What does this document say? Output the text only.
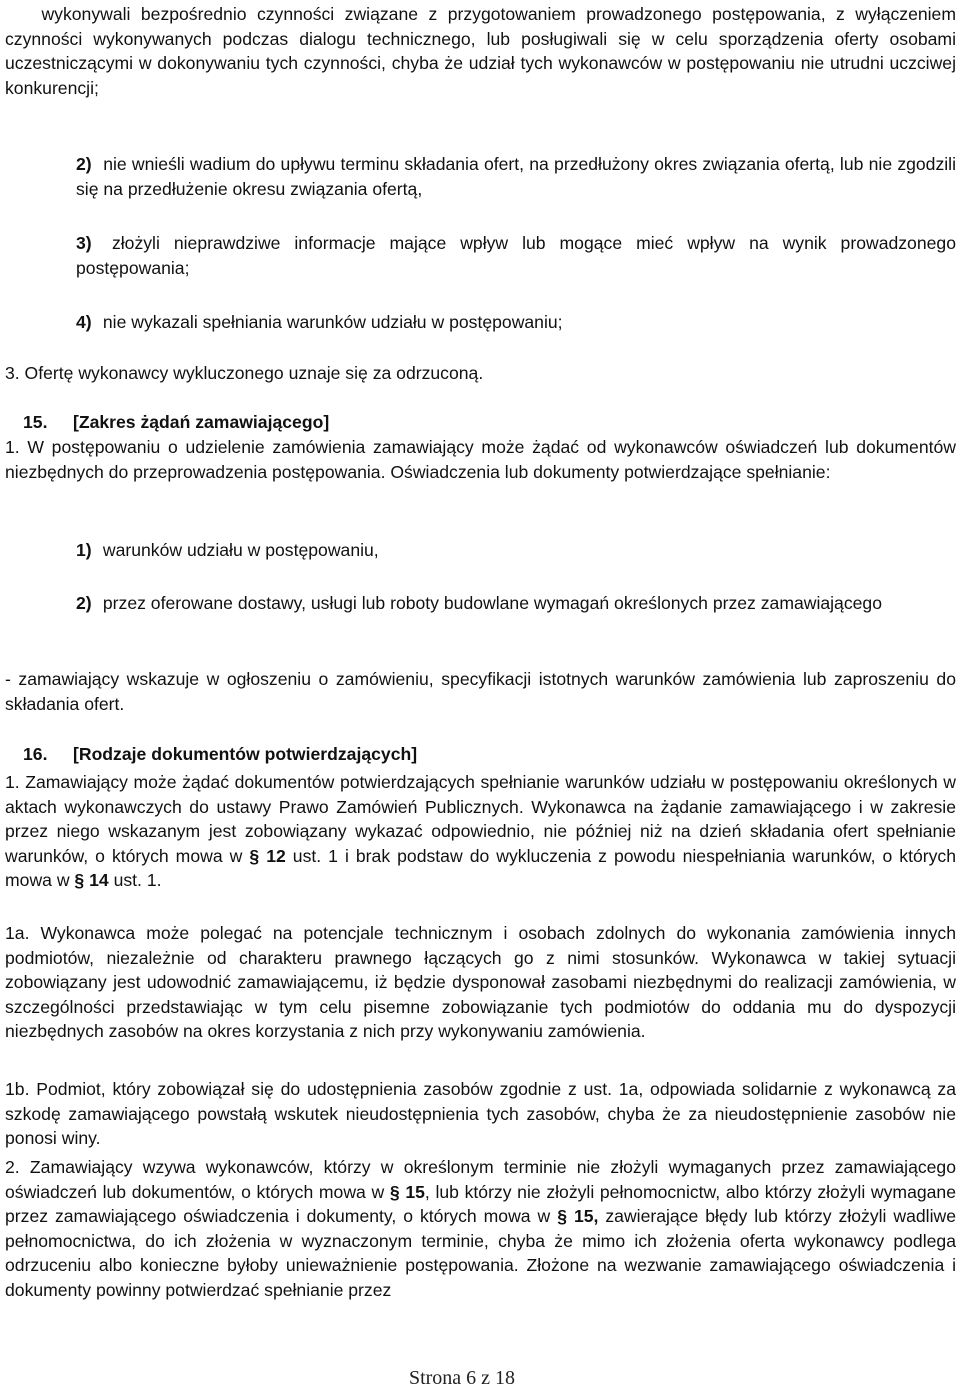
wykonywali bezpośrednio czynności związane z przygotowaniem prowadzonego postępowania, z wyłączeniem czynności wykonywanych podczas dialogu technicznego, lub posługiwali się w celu sporządzenia oferty osobami uczestniczącymi w dokonywaniu tych czynności, chyba że udział tych wykonawców w postępowaniu nie utrudni uczciwej konkurencji;

2) nie wnieśli wadium do upływu terminu składania ofert, na przedłużony okres związania ofertą, lub nie zgodzili się na przedłużenie okresu związania ofertą,

3) złożyli nieprawdziwe informacje mające wpływ lub mogące mieć wpływ na wynik prowadzonego postępowania;

4) nie wykazali spełniania warunków udziału w postępowaniu;

3. Ofertę wykonawcy wykluczonego uznaje się za odrzuconą.

15. [Zakres żądań zamawiającego]

1. W postępowaniu o udzielenie zamówienia zamawiający może żądać od wykonawców oświadczeń lub dokumentów niezbędnych do przeprowadzenia postępowania. Oświadczenia lub dokumenty potwierdzające spełnianie:

1) warunków udziału w postępowaniu,

2) przez oferowane dostawy, usługi lub roboty budowlane wymagań określonych przez zamawiającego

- zamawiający wskazuje w ogłoszeniu o zamówieniu, specyfikacji istotnych warunków zamówienia lub zaproszeniu do składania ofert.

16. [Rodzaje dokumentów potwierdzających]

1. Zamawiający może żądać dokumentów potwierdzających spełnianie warunków udziału w postępowaniu określonych w aktach wykonawczych do ustawy Prawo Zamówień Publicznych. Wykonawca na żądanie zamawiającego i w zakresie przez niego wskazanym jest zobowiązany wykazać odpowiednio, nie później niż na dzień składania ofert spełnianie warunków, o których mowa w § 12 ust. 1 i brak podstaw do wykluczenia z powodu niespełniania warunków, o których mowa w § 14 ust. 1.

1a. Wykonawca może polegać na potencjale technicznym i osobach zdolnych do wykonania zamówienia innych podmiotów, niezależnie od charakteru prawnego łączących go z nimi stosunków. Wykonawca w takiej sytuacji zobowiązany jest udowodnić zamawiającemu, iż będzie dysponował zasobami niezbędnymi do realizacji zamówienia, w szczególności przedstawiając w tym celu pisemne zobowiązanie tych podmiotów do oddania mu do dyspozycji niezbędnych zasobów na okres korzystania z nich przy wykonywaniu zamówienia.

1b. Podmiot, który zobowiązał się do udostępnienia zasobów zgodnie z ust. 1a, odpowiada solidarnie z wykonawcą za szkodę zamawiającego powstałą wskutek nieudostępnienia tych zasobów, chyba że za nieudostępnienie zasobów nie ponosi winy.

2. Zamawiający wzywa wykonawców, którzy w określonym terminie nie złożyli wymaganych przez zamawiającego oświadczeń lub dokumentów, o których mowa w § 15, lub którzy nie złożyli pełnomocnictw, albo którzy złożyli wymagane przez zamawiającego oświadczenia i dokumenty, o których mowa w § 15, zawierające błędy lub którzy złożyli wadliwe pełnomocnictwa, do ich złożenia w wyznaczonym terminie, chyba że mimo ich złożenia oferta wykonawcy podlega odrzuceniu albo konieczne byłoby unieważnienie postępowania. Złożone na wezwanie zamawiającego oświadczenia i dokumenty powinny potwierdzać spełnianie przez

Strona 6 z 18
